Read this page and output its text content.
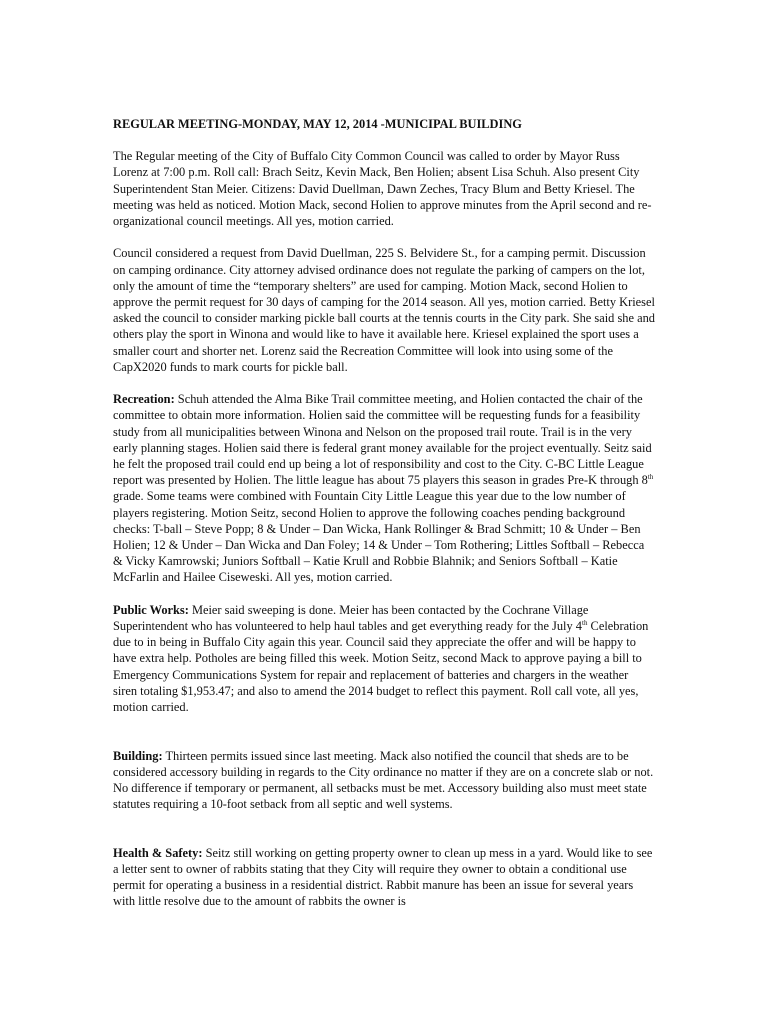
REGULAR MEETING-MONDAY, MAY 12, 2014 -MUNICIPAL BUILDING

The Regular meeting of the City of Buffalo City Common Council was called to order by Mayor Russ Lorenz at 7:00 p.m. Roll call: Brach Seitz, Kevin Mack, Ben Holien; absent Lisa Schuh. Also present City Superintendent Stan Meier. Citizens: David Duellman, Dawn Zeches, Tracy Blum and Betty Kriesel. The meeting was held as noticed. Motion Mack, second Holien to approve minutes from the April second and re-organizational council meetings. All yes, motion carried.

Council considered a request from David Duellman, 225 S. Belvidere St., for a camping permit. Discussion on camping ordinance. City attorney advised ordinance does not regulate the parking of campers on the lot, only the amount of time the “temporary shelters” are used for camping. Motion Mack, second Holien to approve the permit request for 30 days of camping for the 2014 season. All yes, motion carried. Betty Kriesel asked the council to consider marking pickle ball courts at the tennis courts in the City park. She said she and others play the sport in Winona and would like to have it available here. Kriesel explained the sport uses a smaller court and shorter net. Lorenz said the Recreation Committee will look into using some of the CapX2020 funds to mark courts for pickle ball.

Recreation: Schuh attended the Alma Bike Trail committee meeting, and Holien contacted the chair of the committee to obtain more information. Holien said the committee will be requesting funds for a feasibility study from all municipalities between Winona and Nelson on the proposed trail route. Trail is in the very early planning stages. Holien said there is federal grant money available for the project eventually. Seitz said he felt the proposed trail could end up being a lot of responsibility and cost to the City. C-BC Little League report was presented by Holien. The little league has about 75 players this season in grades Pre-K through 8th grade. Some teams were combined with Fountain City Little League this year due to the low number of players registering. Motion Seitz, second Holien to approve the following coaches pending background checks: T-ball – Steve Popp; 8 & Under – Dan Wicka, Hank Rollinger & Brad Schmitt; 10 & Under – Ben Holien; 12 & Under – Dan Wicka and Dan Foley; 14 & Under – Tom Rothering; Littles Softball – Rebecca & Vicky Kamrowski; Juniors Softball – Katie Krull and Robbie Blahnik; and Seniors Softball – Katie McFarlin and Hailee Ciseweski. All yes, motion carried.

Public Works: Meier said sweeping is done. Meier has been contacted by the Cochrane Village Superintendent who has volunteered to help haul tables and get everything ready for the July 4th Celebration due to in being in Buffalo City again this year. Council said they appreciate the offer and will be happy to have extra help. Potholes are being filled this week. Motion Seitz, second Mack to approve paying a bill to Emergency Communications System for repair and replacement of batteries and chargers in the weather siren totaling $1,953.47; and also to amend the 2014 budget to reflect this payment. Roll call vote, all yes, motion carried.

Building: Thirteen permits issued since last meeting. Mack also notified the council that sheds are to be considered accessory building in regards to the City ordinance no matter if they are on a concrete slab or not. No difference if temporary or permanent, all setbacks must be met. Accessory building also must meet state statutes requiring a 10-foot setback from all septic and well systems.

Health & Safety: Seitz still working on getting property owner to clean up mess in a yard. Would like to see a letter sent to owner of rabbits stating that they City will require they owner to obtain a conditional use permit for operating a business in a residential district. Rabbit manure has been an issue for several years with little resolve due to the amount of rabbits the owner is
